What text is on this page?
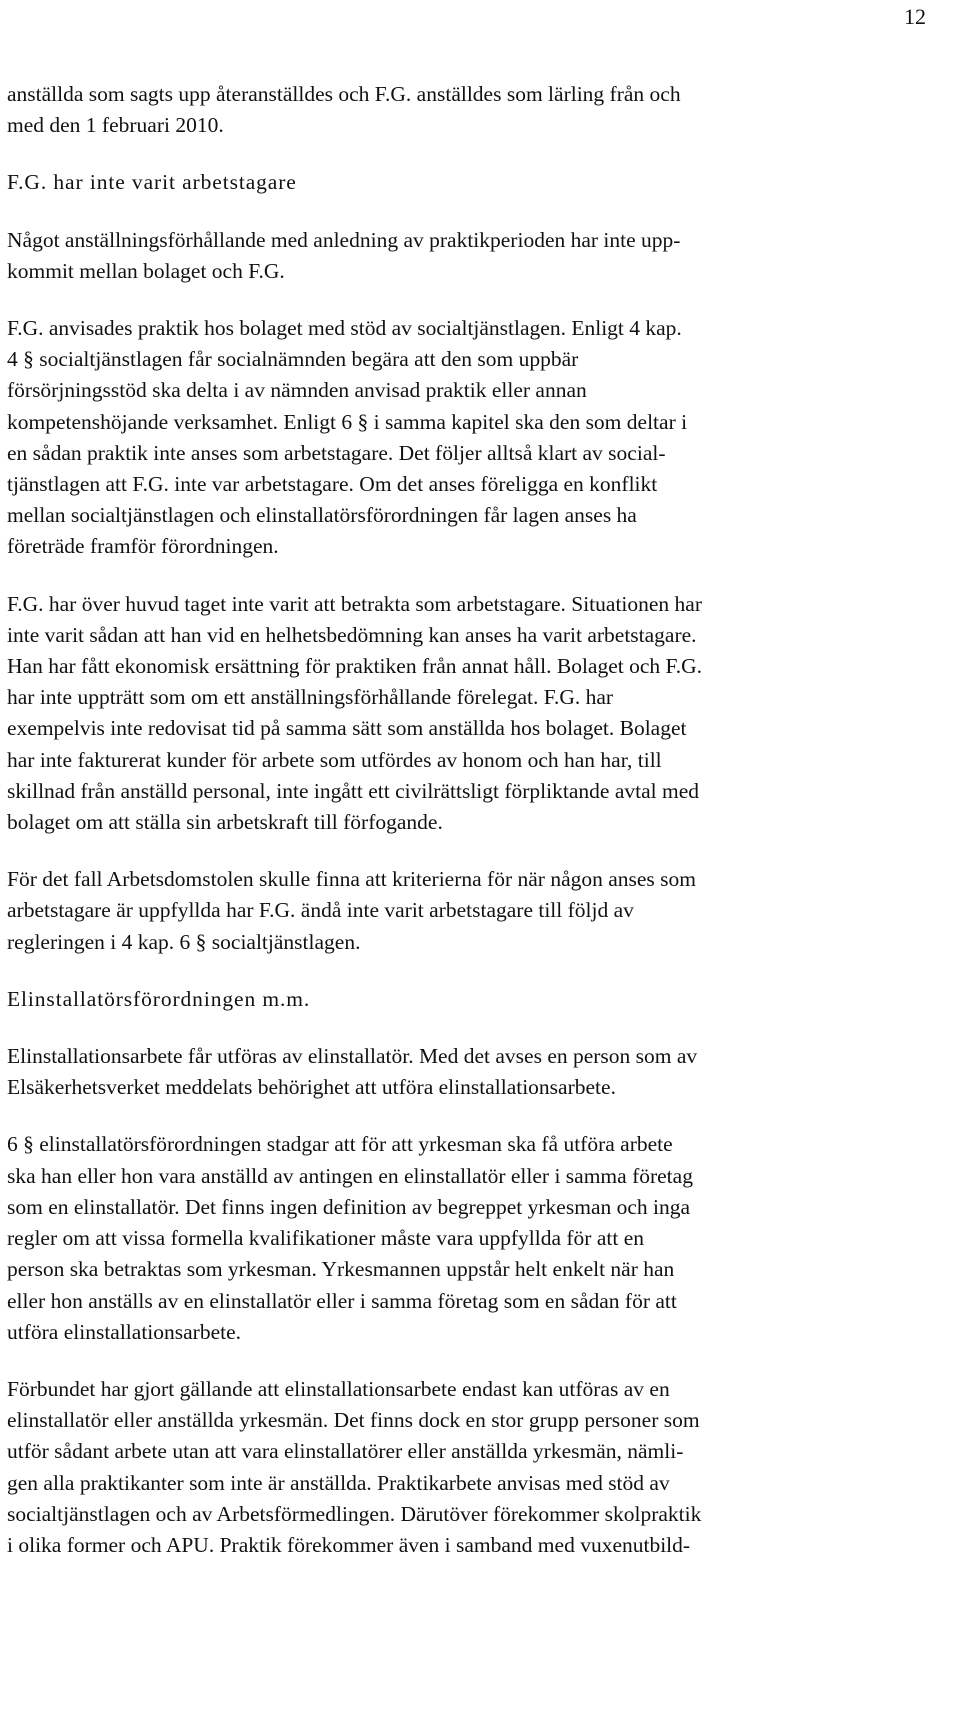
12

anställda som sagts upp återanställdes och F.G. anställdes som lärling från och
med den 1 februari 2010.

F.G. har inte varit arbetstagare

Något anställningsförhållande med anledning av praktikperioden har inte upp-
kommit mellan bolaget och F.G.

F.G. anvisades praktik hos bolaget med stöd av socialtjänstlagen. Enligt 4 kap.
4 § socialtjänstlagen får socialnämnden begära att den som uppbär
försörjningsstöd ska delta i av nämnden anvisad praktik eller annan
kompetenshöjande verksamhet. Enligt 6 § i samma kapitel ska den som deltar i
en sådan praktik inte anses som arbetstagare. Det följer alltså klart av social-
tjänstlagen att F.G. inte var arbetstagare. Om det anses föreligga en konflikt
mellan socialtjänstlagen och elinstallatörsförordningen får lagen anses ha
företräde framför förordningen.

F.G. har över huvud taget inte varit att betrakta som arbetstagare. Situationen har
inte varit sådan att han vid en helhetsbedömning kan anses ha varit arbetstagare.
Han har fått ekonomisk ersättning för praktiken från annat håll. Bolaget och F.G.
har inte uppträtt som om ett anställningsförhållande förelegat. F.G. har
exempelvis inte redovisat tid på samma sätt som anställda hos bolaget. Bolaget
har inte fakturerat kunder för arbete som utfördes av honom och han har, till
skillnad från anställd personal, inte ingått ett civilrättsligt förpliktande avtal med
bolaget om att ställa sin arbetskraft till förfogande.

För det fall Arbetsdomstolen skulle finna att kriterierna för när någon anses som
arbetstagare är uppfyllda har F.G. ändå inte varit arbetstagare till följd av
regleringen i 4 kap. 6 § socialtjänstlagen.

Elinstallatörsförordningen m.m.

Elinstallationsarbete får utföras av elinstallatör. Med det avses en person som av
Elsäkerhetsverket meddelats behörighet att utföra elinstallationsarbete.

6 § elinstallatörsförordningen stadgar att för att yrkesman ska få utföra arbete
ska han eller hon vara anställd av antingen en elinstallatör eller i samma företag
som en elinstallatör. Det finns ingen definition av begreppet yrkesman och inga
regler om att vissa formella kvalifikationer måste vara uppfyllda för att en
person ska betraktas som yrkesman. Yrkesmannen uppstår helt enkelt när han
eller hon anställs av en elinstallatör eller i samma företag som en sådan för att
utföra elinstallationsarbete.

Förbundet har gjort gällande att elinstallationsarbete endast kan utföras av en
elinstallatör eller anställda yrkesmän. Det finns dock en stor grupp personer som
utför sådant arbete utan att vara elinstallatörer eller anställda yrkesmän, nämli-
gen alla praktikanter som inte är anställda. Praktikarbete anvisas med stöd av
socialtjänstlagen och av Arbetsförmedlingen. Därutöver förekommer skolpraktik
i olika former och APU. Praktik förekommer även i samband med vuxenutbild-
